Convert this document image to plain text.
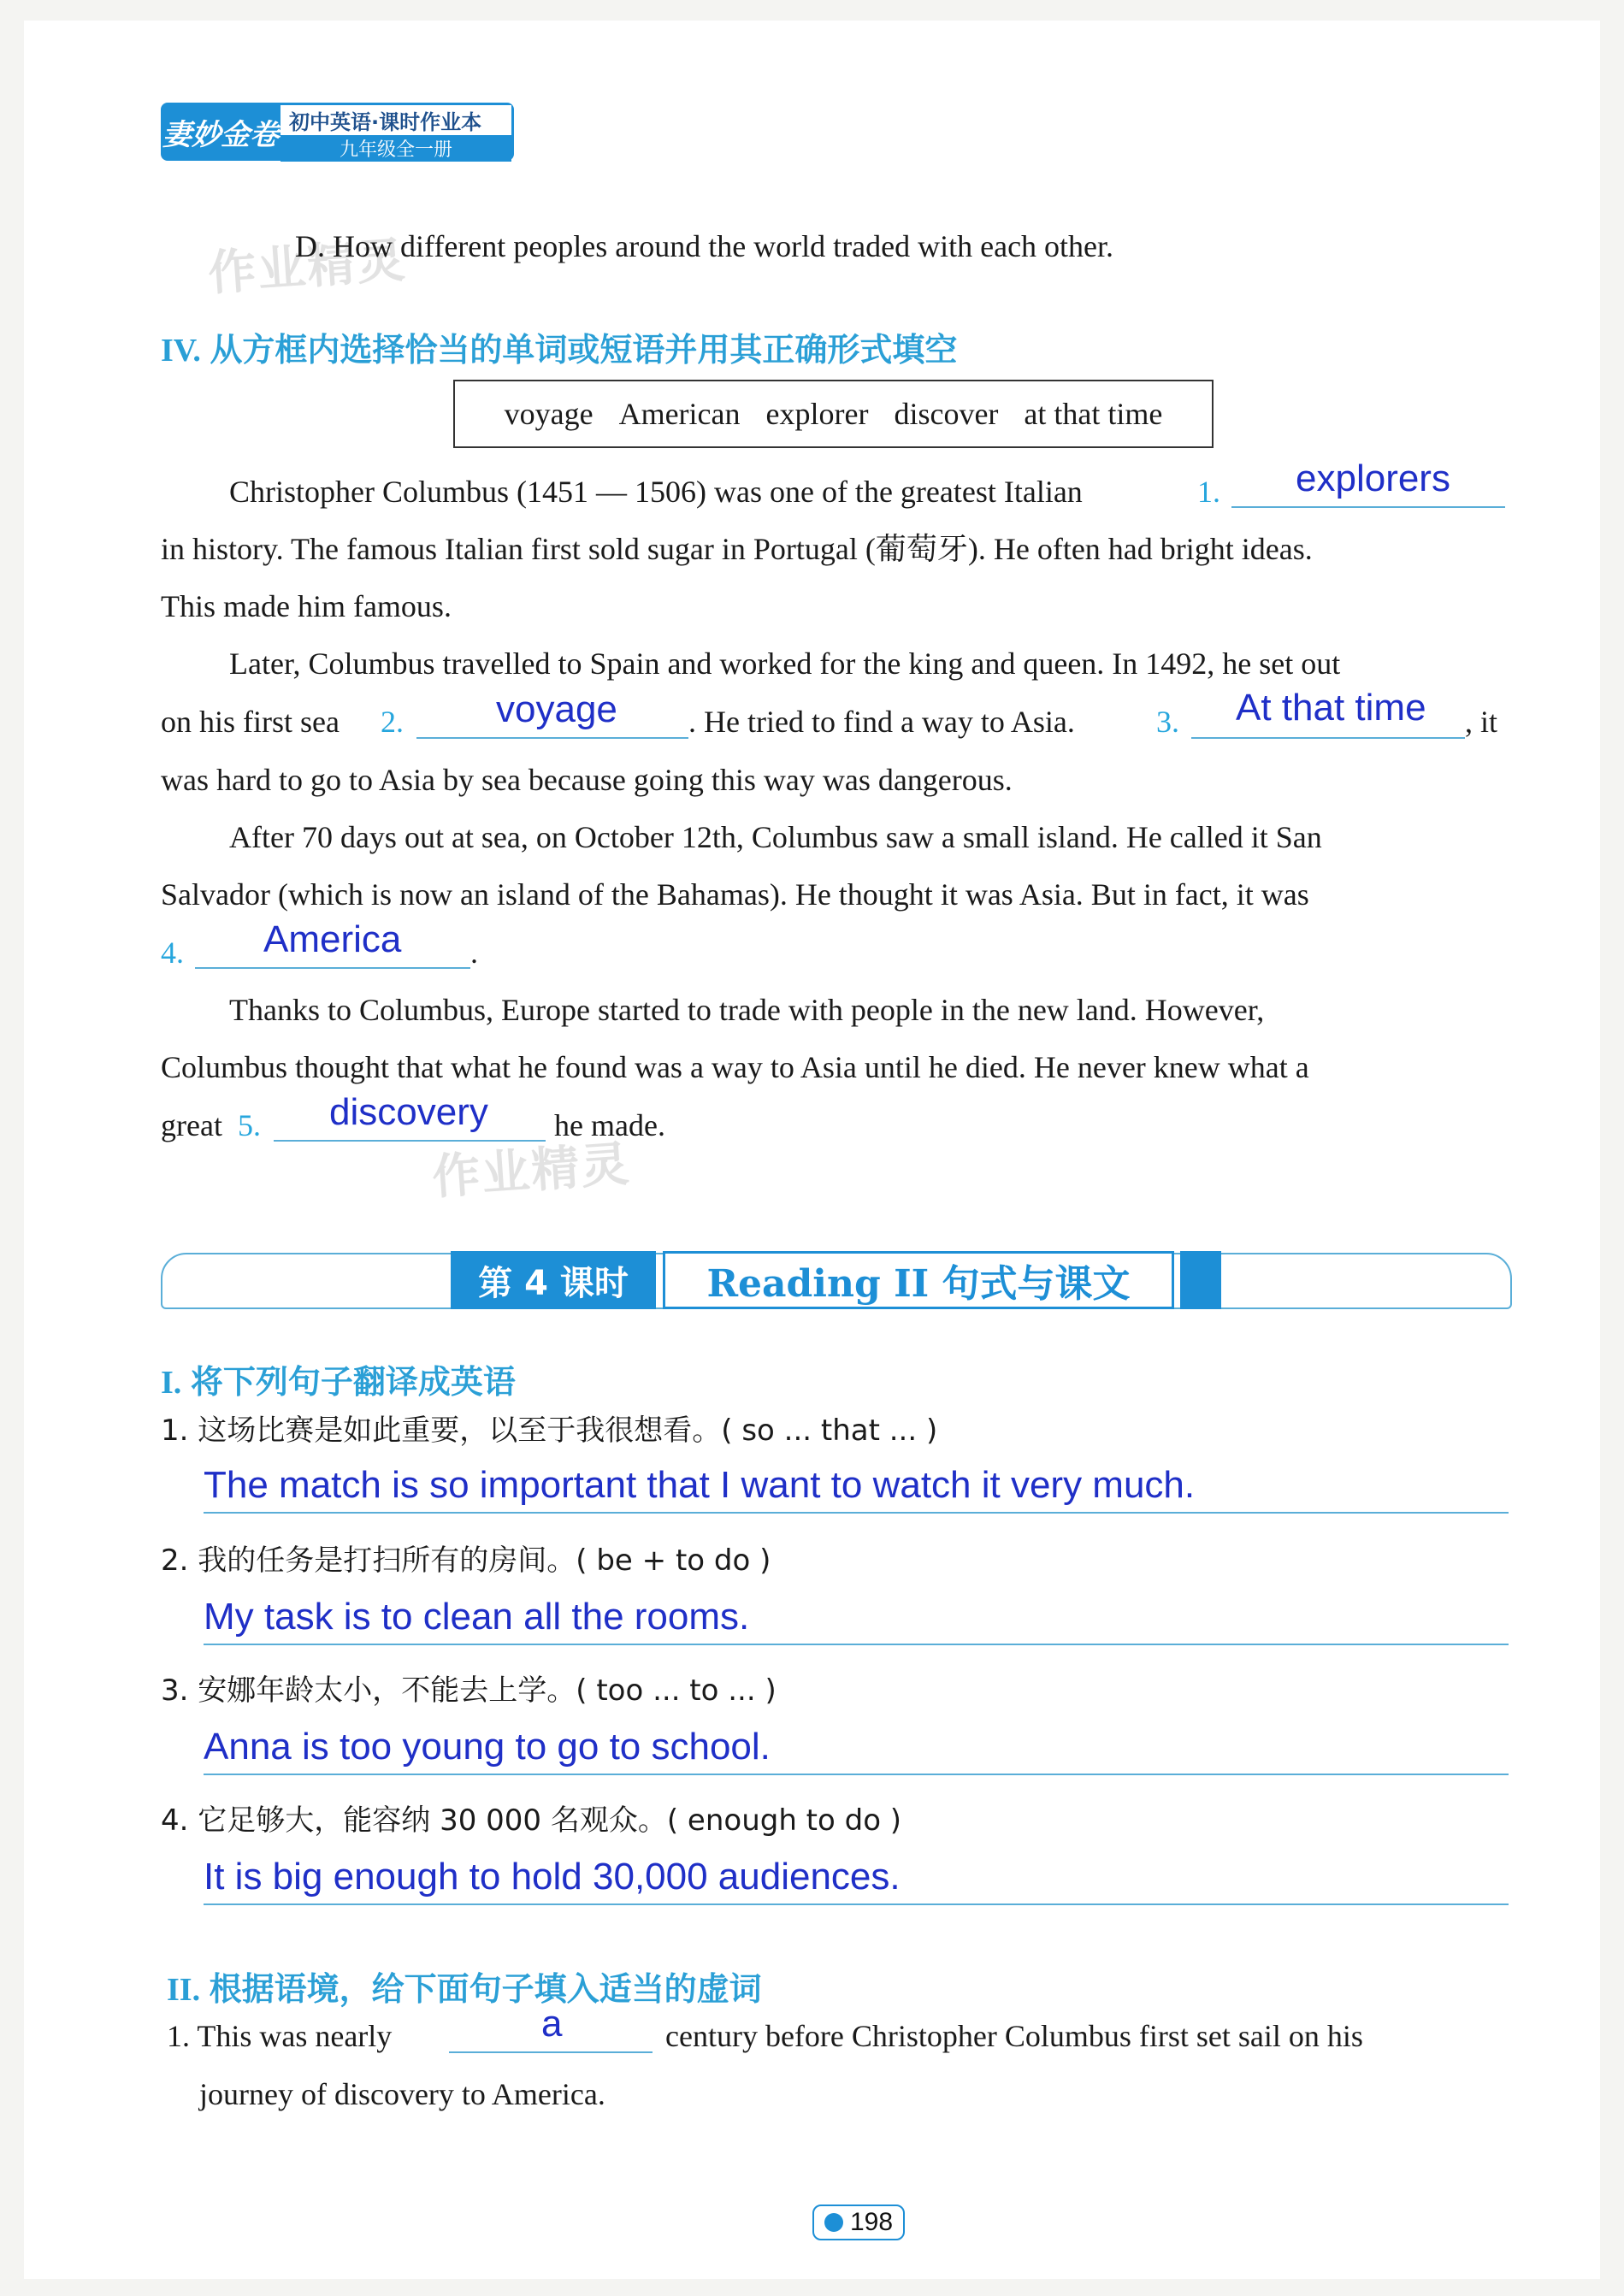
妻妙金卷 初中英语·课时作业本
九年级全一册
作业精灵
作业精灵
D. How different peoples around the world traded with each other.
IV. 从方框内选择恰当的单词或短语并用其正确形式填空
voyage American explorer discover at that time
Christopher Columbus (1451 — 1506) was one of the greatest Italian	1. explorers
in history. The famous Italian first sold sugar in Portugal (葡萄牙). He often had bright ideas.
This made him famous.
Later, Columbus travelled to Spain and worked for the king and queen. In 1492, he set out
on his first sea 2. voyage . He tried to find a way to Asia.	3. At that time , it
was hard to go to Asia by sea because going this way was dangerous.
After 70 days out at sea, on October 12th, Columbus saw a small island. He called it San
Salvador (which is now an island of the Bahamas). He thought it was Asia. But in fact, it was
4. America .
Thanks to Columbus, Europe started to trade with people in the new land. However,
Columbus thought that what he found was a way to Asia until he died. He never knew what a
great 5. discovery he made.
第 4 课时	Reading II 句式与课文
I. 将下列句子翻译成英语
1. 这场比赛是如此重要，以至于我很想看。( so ... that ... )
The match is so important that I want to watch it very much.
2. 我的任务是打扫所有的房间。( be + to do )
My task is to clean all the rooms.
3. 安娜年龄太小，不能去上学。( too ... to ... )
Anna is too young to go to school.
4. 它足够大，能容纳 30 000 名观众。( enough to do )
It is big enough to hold 30,000 audiences.
II. 根据语境，给下面句子填入适当的虚词
1. This was nearly	a	century before Christopher Columbus first set sail on his
journey of discovery to America.
198
